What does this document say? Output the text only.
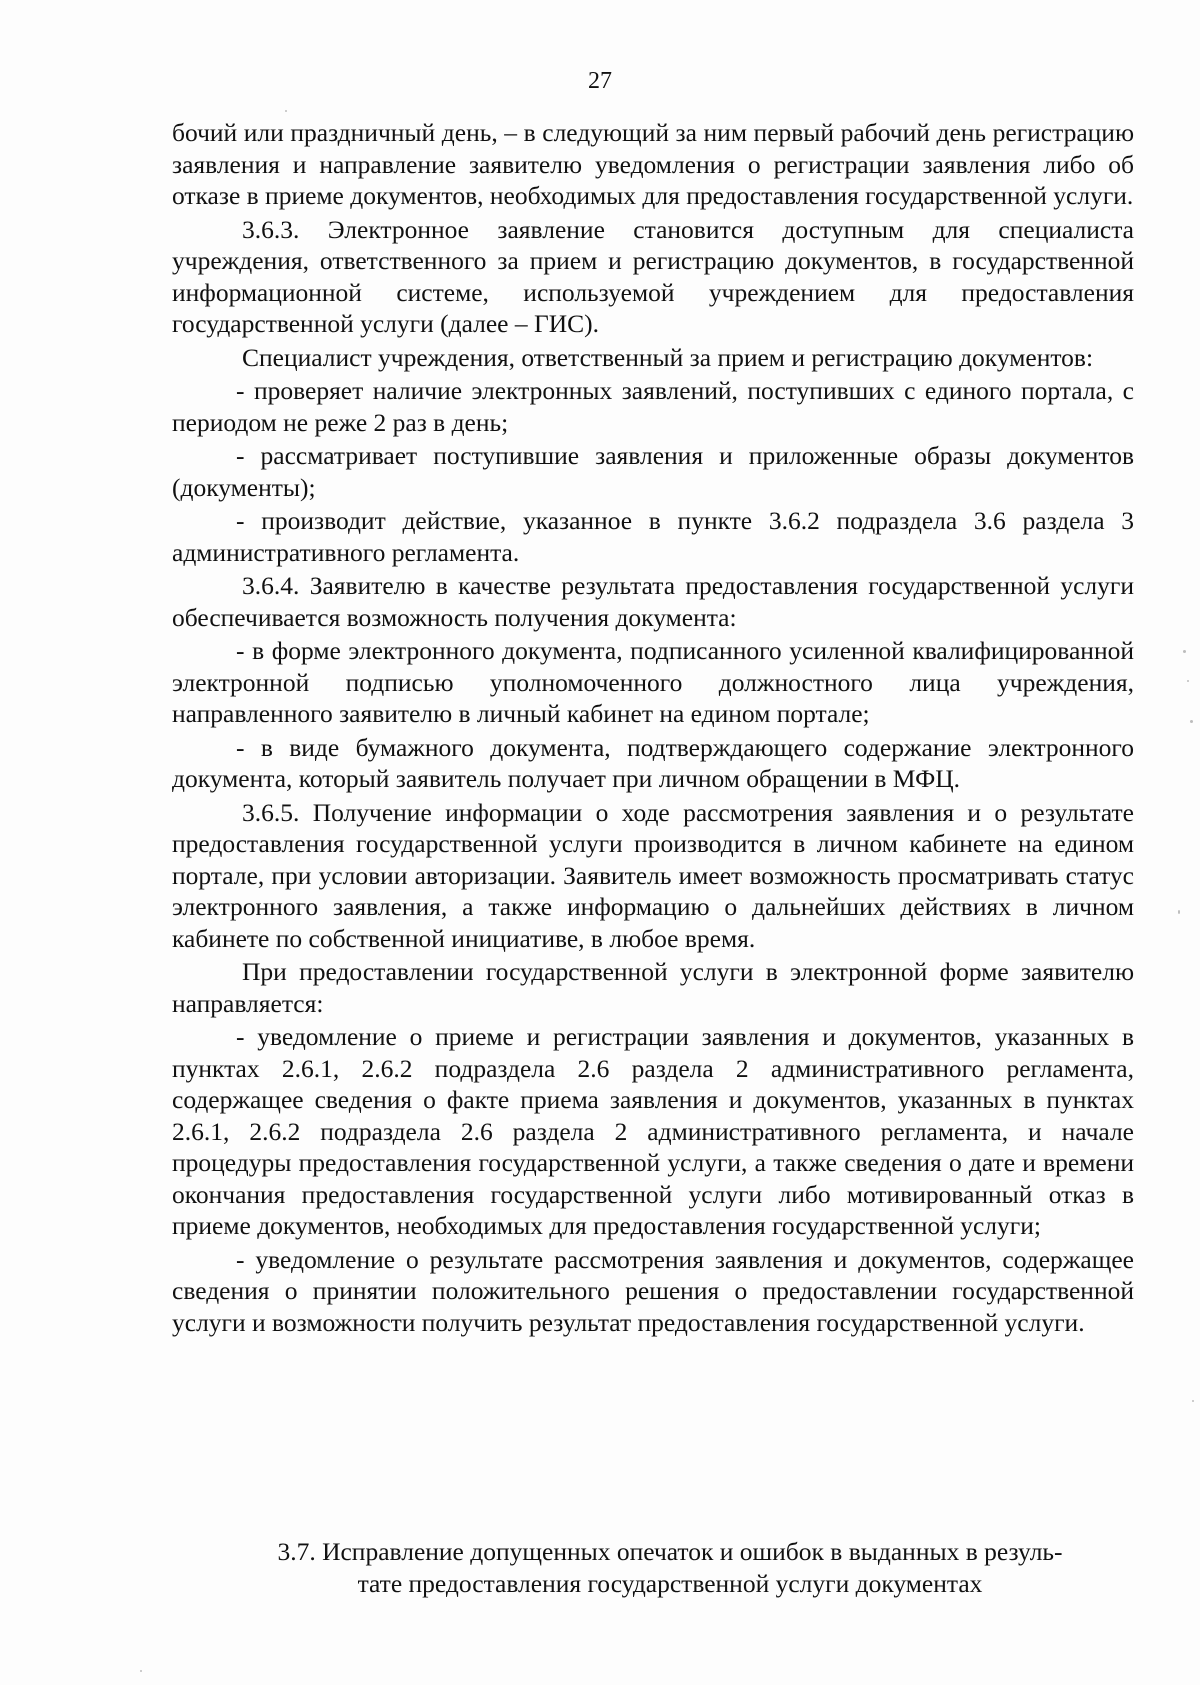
27

бочий или праздничный день, – в следующий за ним первый рабочий день регистрацию заявления и направление заявителю уведомления о регистрации заявления либо об отказе в приеме документов, необходимых для предоставления государственной услуги.

3.6.3. Электронное заявление становится доступным для специалиста учреждения, ответственного за прием и регистрацию документов, в государственной информационной системе, используемой учреждением для предоставления государственной услуги (далее – ГИС).

Специалист учреждения, ответственный за прием и регистрацию документов:

- проверяет наличие электронных заявлений, поступивших с единого портала, с периодом не реже 2 раз в день;

- рассматривает поступившие заявления и приложенные образы документов (документы);

- производит действие, указанное в пункте 3.6.2 подраздела 3.6 раздела 3 административного регламента.

3.6.4. Заявителю в качестве результата предоставления государственной услуги обеспечивается возможность получения документа:

- в форме электронного документа, подписанного усиленной квалифицированной электронной подписью уполномоченного должностного лица учреждения, направленного заявителю в личный кабинет на едином портале;

- в виде бумажного документа, подтверждающего содержание электронного документа, который заявитель получает при личном обращении в МФЦ.

3.6.5. Получение информации о ходе рассмотрения заявления и о результате предоставления государственной услуги производится в личном кабинете на едином портале, при условии авторизации. Заявитель имеет возможность просматривать статус электронного заявления, а также информацию о дальнейших действиях в личном кабинете по собственной инициативе, в любое время.

При предоставлении государственной услуги в электронной форме заявителю направляется:

- уведомление о приеме и регистрации заявления и документов, указанных в пунктах 2.6.1, 2.6.2 подраздела 2.6 раздела 2 административного регламента, содержащее сведения о факте приема заявления и документов, указанных в пунктах 2.6.1, 2.6.2 подраздела 2.6 раздела 2 административного регламента, и начале процедуры предоставления государственной услуги, а также сведения о дате и времени окончания предоставления государственной услуги либо мотивированный отказ в приеме документов, необходимых для предоставления государственной услуги;

- уведомление о результате рассмотрения заявления и документов, содержащее сведения о принятии положительного решения о предоставлении государственной услуги и возможности получить результат предоставления государственной услуги.

3.7. Исправление допущенных опечаток и ошибок в выданных в резуль-
тате предоставления государственной услуги документах
